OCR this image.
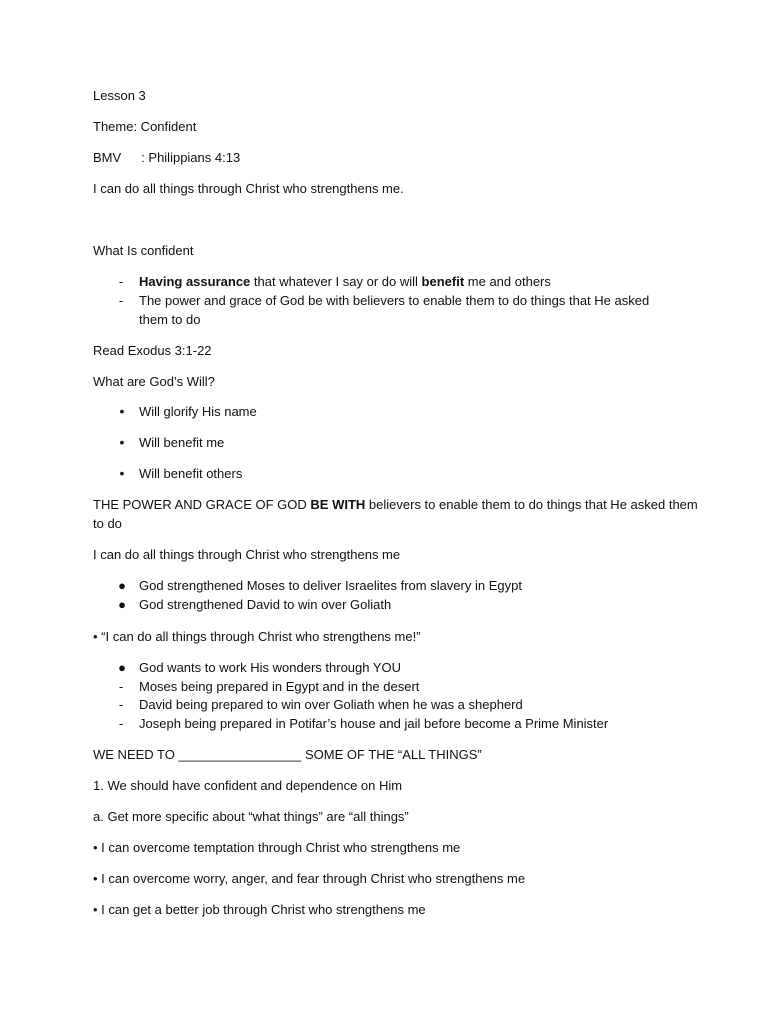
Lesson 3
Theme: Confident
BMV : Philippians 4:13
I can do all things through Christ who strengthens me.
What Is confident
-	Having assurance that whatever I say or do will benefit me and others
-	The power and grace of God be with believers to enable them to do things that He asked
them to do
Read Exodus 3:1-22
What are God’s Will?
•	Will glorify His name
•	Will benefit me
•	Will benefit others
THE POWER AND GRACE OF GOD BE WITH believers to enable them to do things that He asked them
to do
I can do all things through Christ who strengthens me
● God strengthened Moses to deliver Israelites from slavery in Egypt
● God strengthened David to win over Goliath
• “I can do all things through Christ who strengthens me!”
● God wants to work His wonders through YOU
-	Moses being prepared in Egypt and in the desert
-	David being prepared to win over Goliath when he was a shepherd
-	Joseph being prepared in Potifar’s house and jail before become a Prime Minister
WE NEED TO _________________ SOME OF THE “ALL THINGS”
1. We should have confident and dependence on Him
a. Get more specific about “what things” are “all things”
• I can overcome temptation through Christ who strengthens me
• I can overcome worry, anger, and fear through Christ who strengthens me
• I can get a better job through Christ who strengthens me
